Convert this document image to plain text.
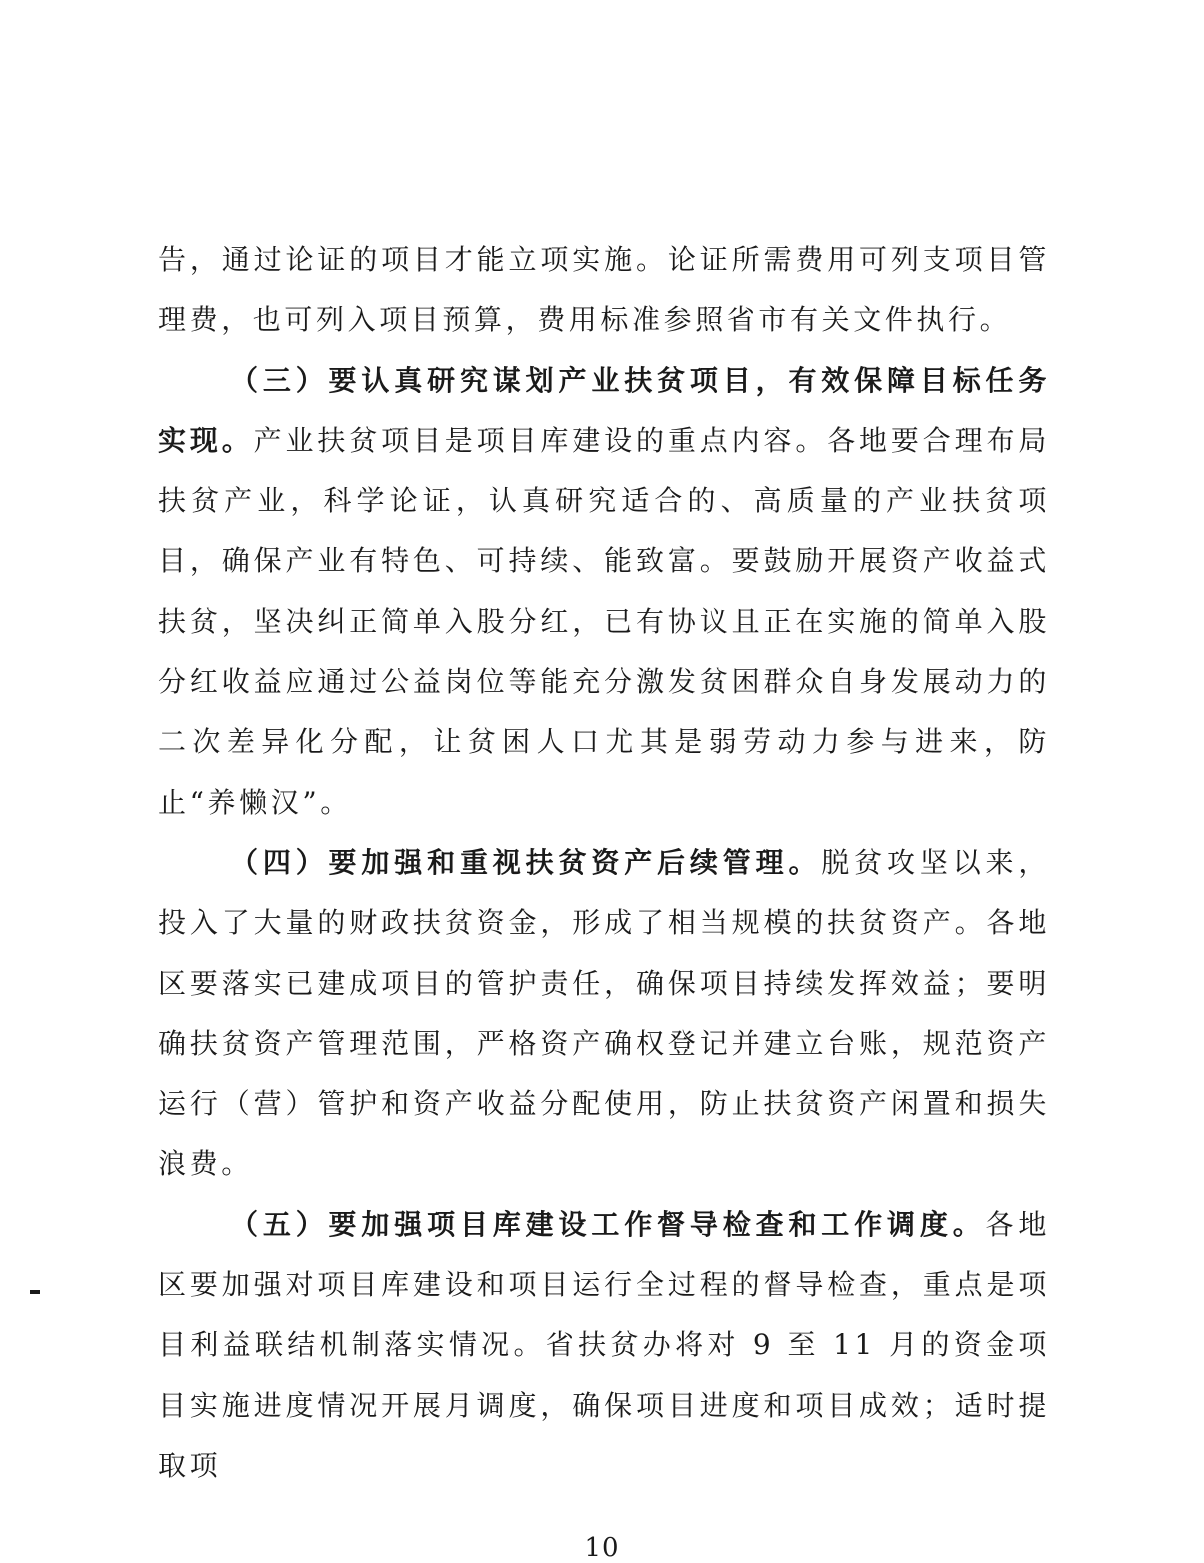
告，通过论证的项目才能立项实施。论证所需费用可列支项目管理费，也可列入项目预算，费用标准参照省市有关文件执行。

（三）要认真研究谋划产业扶贫项目，有效保障目标任务实现。产业扶贫项目是项目库建设的重点内容。各地要合理布局扶贫产业，科学论证，认真研究适合的、高质量的产业扶贫项目，确保产业有特色、可持续、能致富。要鼓励开展资产收益式扶贫，坚决纠正简单入股分红，已有协议且正在实施的简单入股分红收益应通过公益岗位等能充分激发贫困群众自身发展动力的二次差异化分配，让贫困人口尤其是弱劳动力参与进来，防止“养懒汉”。

（四）要加强和重视扶贫资产后续管理。脱贫攻坚以来，投入了大量的财政扶贫资金，形成了相当规模的扶贫资产。各地区要落实已建成项目的管护责任，确保项目持续发挥效益；要明确扶贫资产管理范围，严格资产确权登记并建立台账，规范资产运行（营）管护和资产收益分配使用，防止扶贫资产闲置和损失浪费。

（五）要加强项目库建设工作督导检查和工作调度。各地区要加强对项目库建设和项目运行全过程的督导检查，重点是项目利益联结机制落实情况。省扶贫办将对 9 至 11 月的资金项目实施进度情况开展月调度，确保项目进度和项目成效；适时提取项

10
